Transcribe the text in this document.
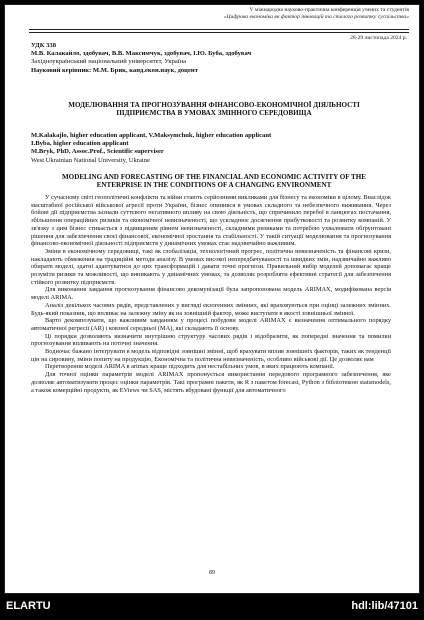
V міжнародна науково-практична конференція учених та студентів
«Цифрова економіка як фактор інновацій та сталого розвитку суспільства»
28-29 листопада 2024 р.
УДК 338
М.В. Калакайло, здобувач, В.В. Максимчук, здобувач, І.Ю. Буба, здобувач
Західноукраїнський національний університет, Україна
Науковий керівник: М.М. Брик, канд.екон.наук, доцент
МОДЕЛЮВАННЯ ТА ПРОГНОЗУВАННЯ ФІНАНСОВО-ЕКОНОМІЧНОЇ ДІЯЛЬНОСТІ ПІДПРИЄМСТВА В УМОВАХ ЗМІННОГО СЕРЕДОВИЩА
M.Kalakajlo, higher education applicant, V.Maksymchuk, higher education applicant
I.Byba, higher education applicant
M.Bryk, PhD, Assoc.Prof., Scientific superviser
West Ukrainian National University, Ukraine
MODELING AND FORECASTING OF THE FINANCIAL AND ECONOMIC ACTIVITY OF THE ENTERPRISE IN THE CONDITIONS OF A CHANGING ENVIRONMENT

У сучасному світі геополітичні конфлікти та війни стають серйозними викликами для бізнесу та економіки в цілому. Внаслідок масштабної російської військової агресії проти України, бізнес опинився в умовах складного та небезпечного виживання. Через бойові дії підприємства зазнали суттєвого негативного впливу на свою діяльність, що спричинило перебої в ланцюгах постачання, збільшення операційних ризиків та економічної невизначеності, що ускладнює досягнення прибутковості та розвитку компаній. У зв'язку з цим бізнес стикається з підвищеним рівнем невизначеності, складними ризиками та потребою ухвалювати обґрунтовані рішення для забезпечення своєї фінансової, економічної зростання та стабільності. У такій ситуації моделювання та прогнозування фінансово-економічної діяльності підприємств у динамічних умовах стає надзвичайно важливим.

Зміни в економічному середовищі, такі як глобалізація, технологічний прогрес, політична невизначеність та фінансові кризи, накладають обмеження на традиційні методи аналізу. В умовах високої непередбачуваності та швидких змін, надзвичайно важливо обирати моделі, здатні адаптуватися до цих трансформацій і давати точні прогнози. Правильний вибір моделей допомагає краще розуміти ризики та можливості, що виникають у динамічних умовах, та дозволяє розробляти ефективні стратегії для забезпечення стійкого розвитку підприємств.

Для виконання завдання прогнозування фінансово декомунізації була запропонована модель ARIMAX, модифікована версія моделі ARIMA.

Аналіз декількох часових рядів, представлених у вигляді екзогенних змінних, які враховуються при оцінці залежних змінних. Будь-який показник, що впливає на залежну зміну як на зовнішній фактор, може виступати в якості зовнішньої змінної.

Варто декомпозувати, що важливим завданням у процесі побудови моделі ARIMAX є визначення оптимального порядку автоматичної регресії (AR) і ковзної середньої (MA), які складають її основу.

Ці порядки дозволяють визначити внутрішню структуру часових рядів і відобразити, як попередні значення та помилки прогнозування впливають на поточні значення.

Водночас бажано інтегрувати в модель відповідні зовнішні змінні, щоб врахувати вплив зовнішніх факторів, таких як тенденції цін на сировину, зміни попиту на продукцію, Економічна та політична невизначеність, особливо військові дії. Це дозволяє вам

Перетворення моделі ARIMA в arimax краще підходить для нестабільних умов, в яких працюють компанії.

Для точної оцінки параметрів моделі ARIMAX пропонується використання передового програмного забезпечення, яке дозволяє автоматизувати процес оцінки параметрів. Такі програмні пакети, як R з пакетом forecast, Python з бібліотекою statsmodels, а також комерційні продукти, як EViews чи SAS, містять вбудовані функції для автоматичного

89
ELARTU	hdl:lib/47101
